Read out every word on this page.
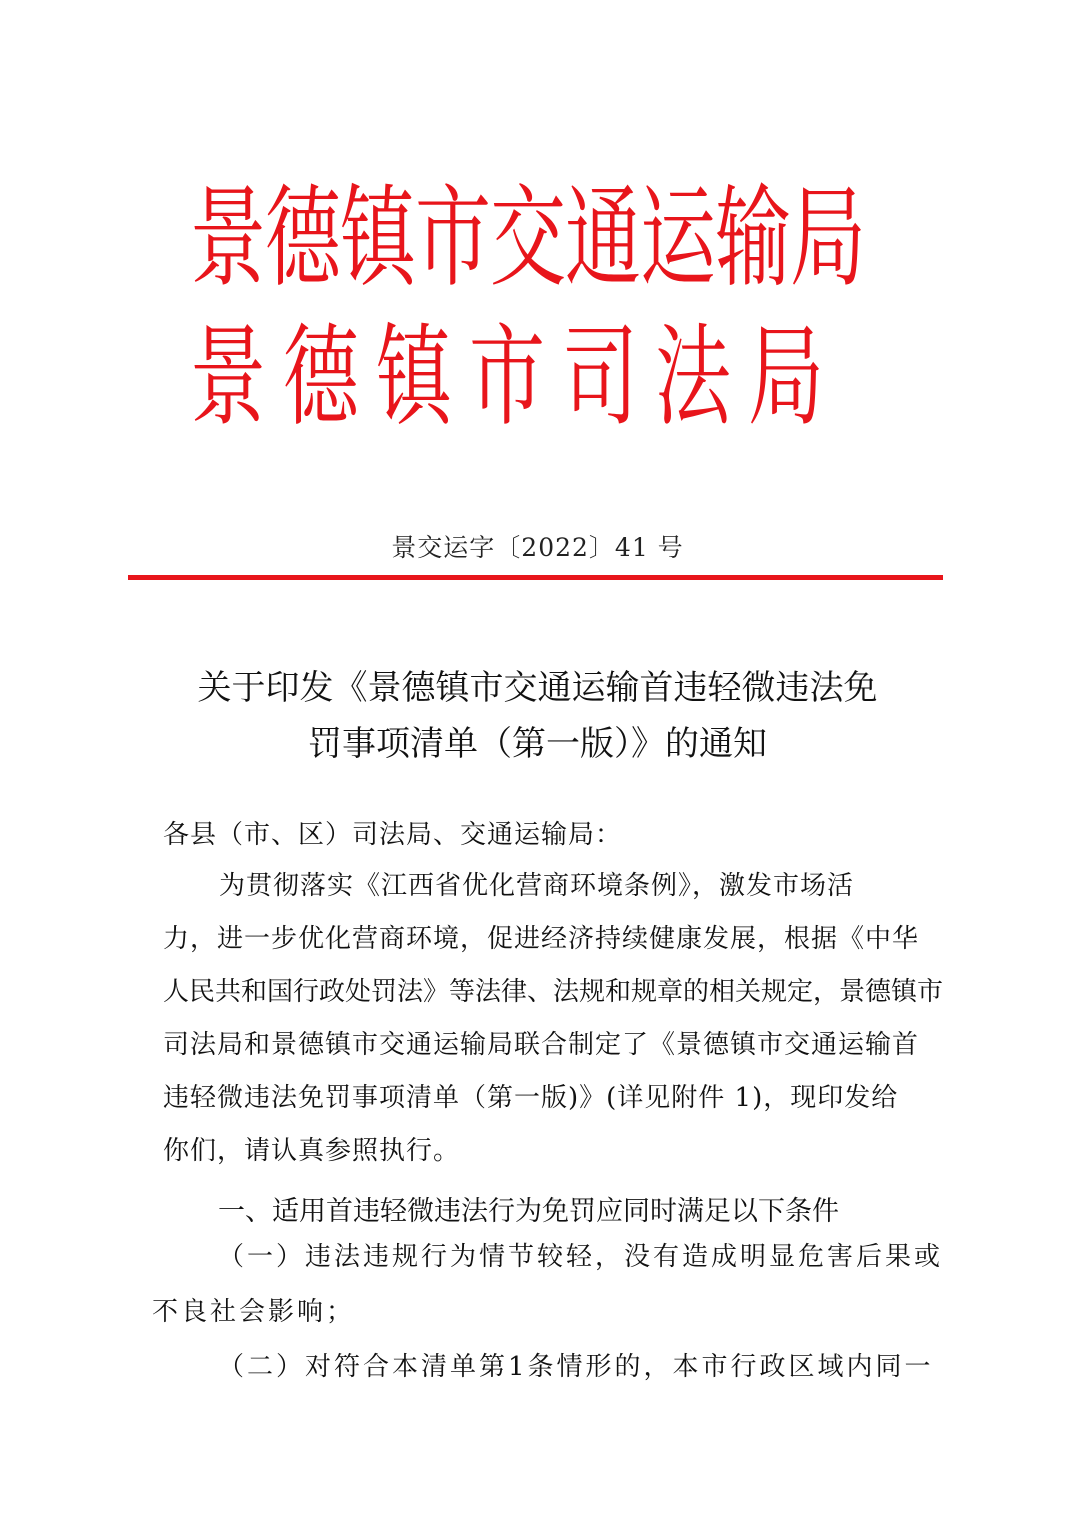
景德镇市交通运输局
景德镇市司法局
景交运字〔2022〕41 号
关于印发《景德镇市交通运输首违轻微违法免
罚事项清单（第一版）》的通知
各县（市、区）司法局、交通运输局：
为贯彻落实《江西省优化营商环境条例》，激发市场活
力，进一步优化营商环境，促进经济持续健康发展，根据《中华
人民共和国行政处罚法》等法律、法规和规章的相关规定，景德镇市
司法局和景德镇市交通运输局联合制定了《景德镇市交通运输首
违轻微违法免罚事项清单（第一版)》(详见附件 1)，现印发给
你们，请认真参照执行。
一、适用首违轻微违法行为免罚应同时满足以下条件
（一）违法违规行为情节较轻，没有造成明显危害后果或
不良社会影响；
（二）对符合本清单第1条情形的，本市行政区域内同一
